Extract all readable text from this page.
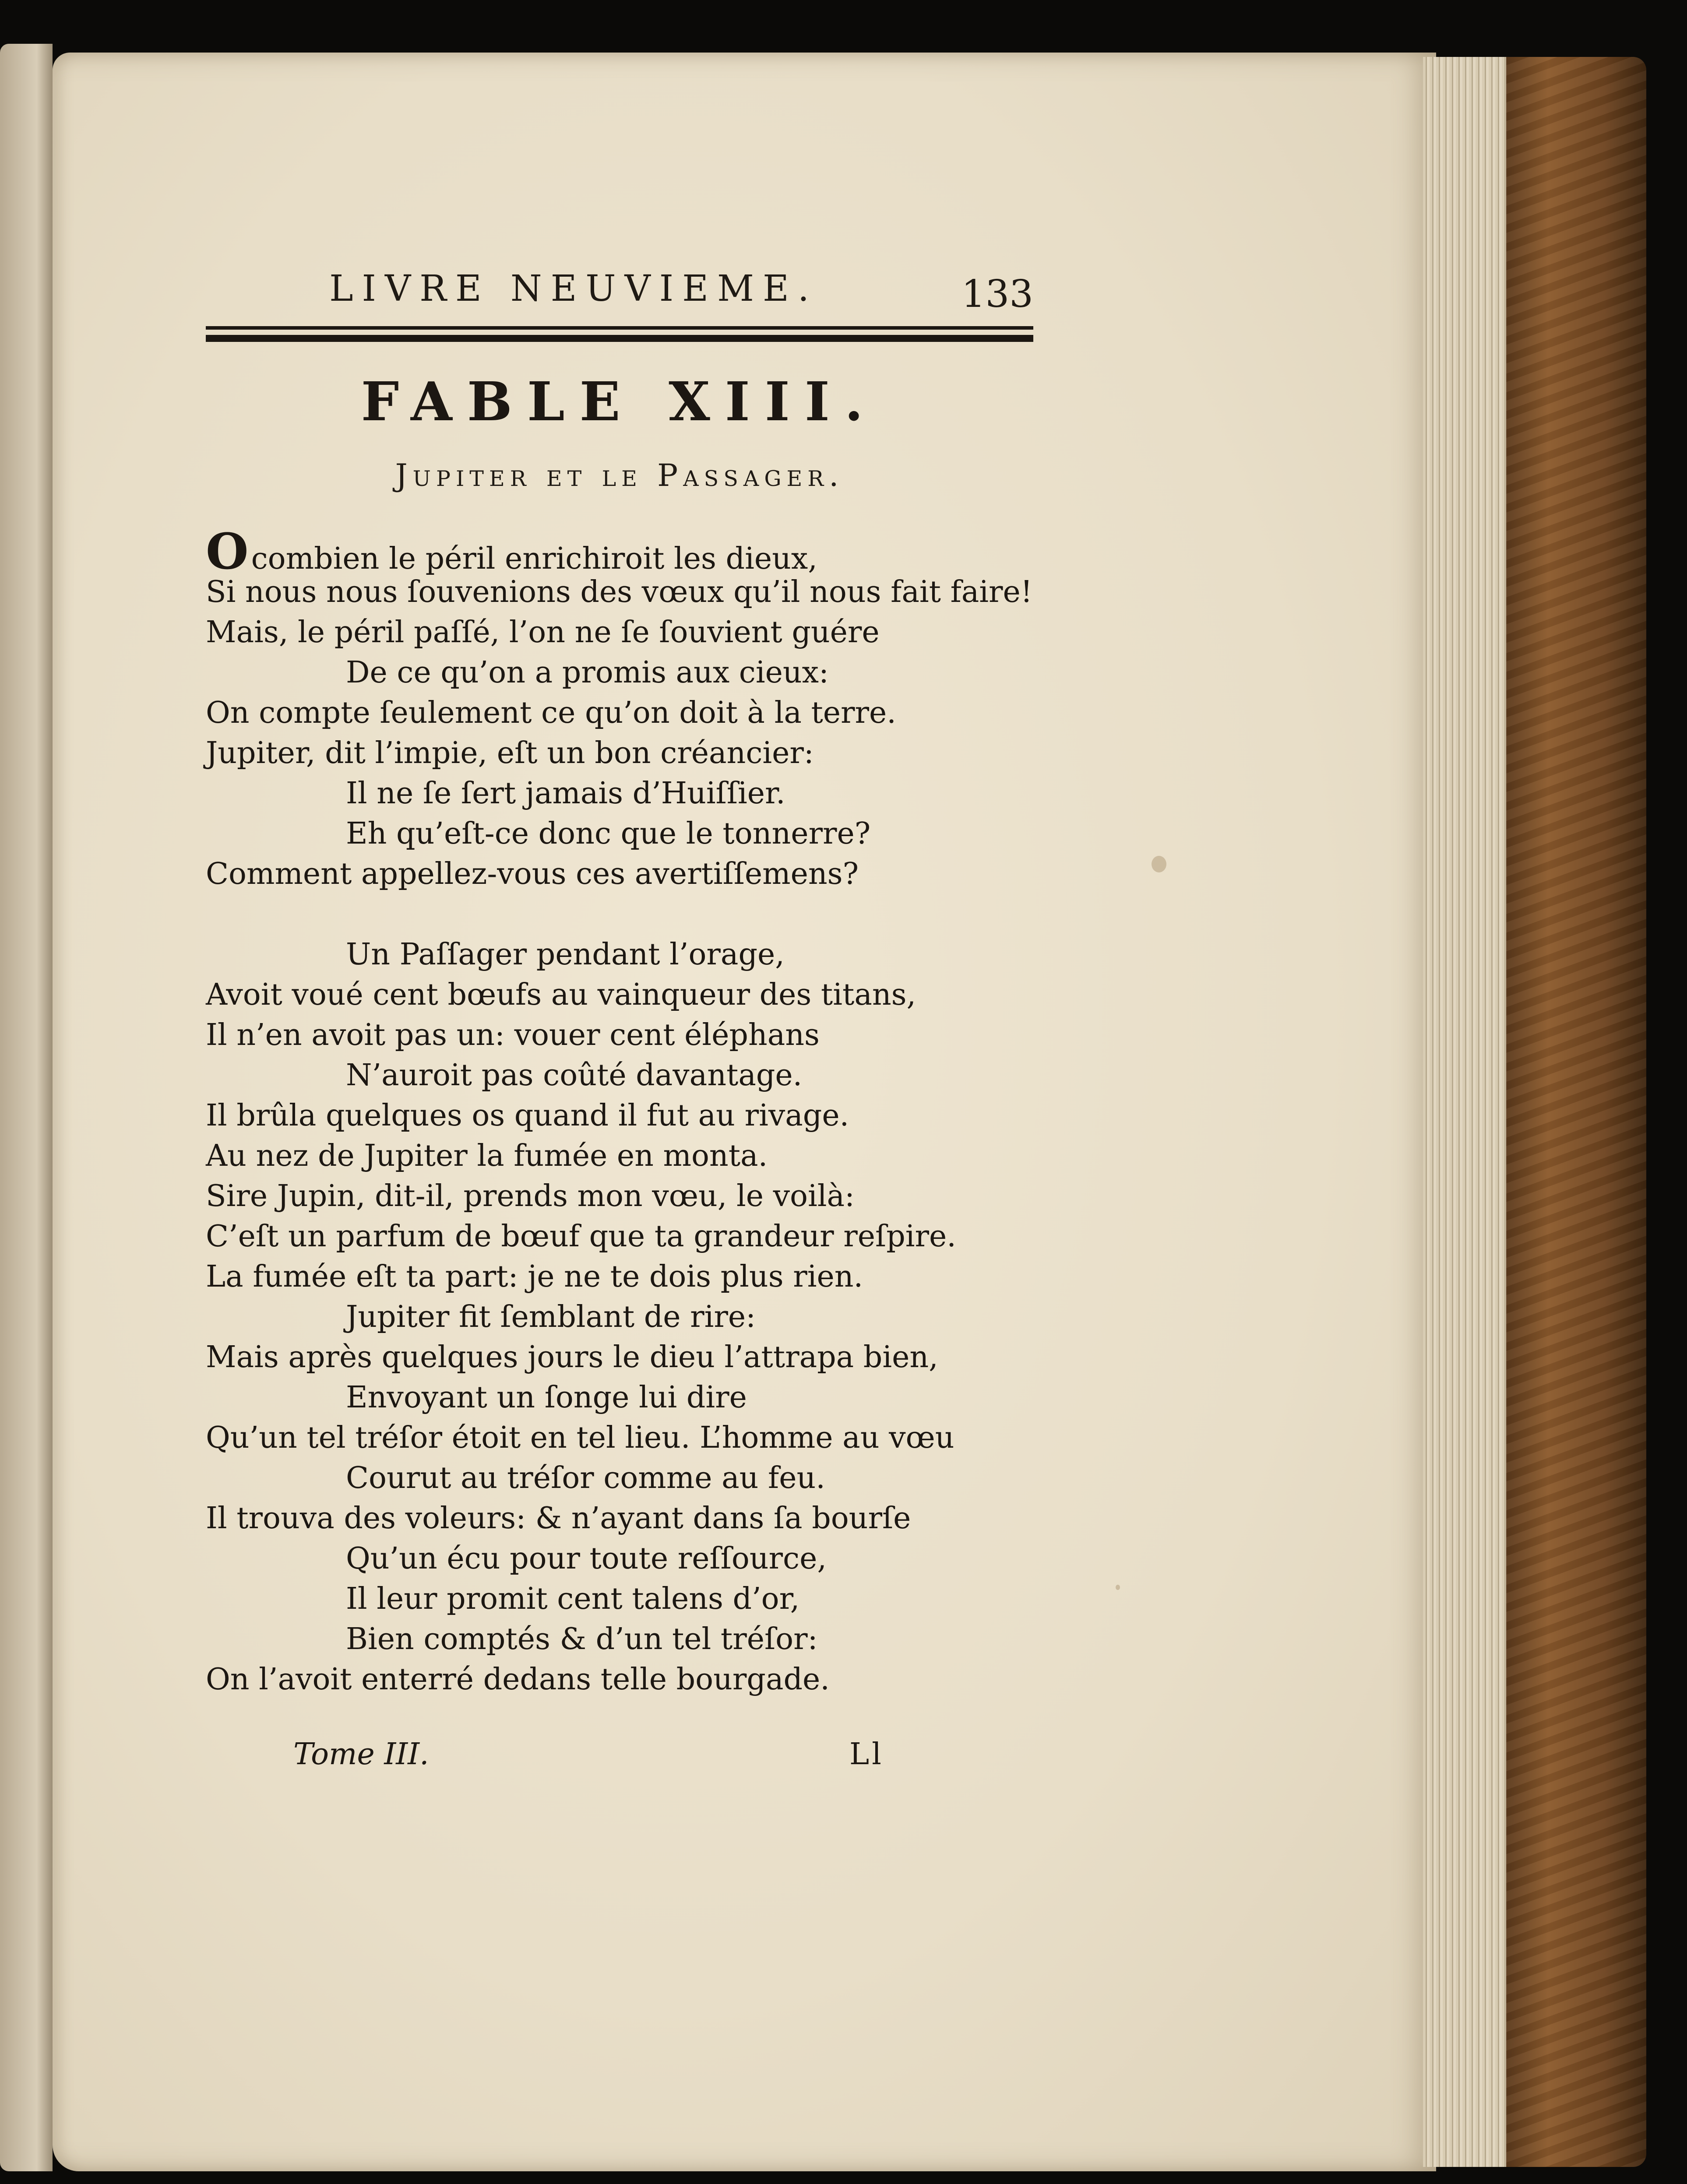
LIVRE NEUVIEME.	133
FABLE XIII.
Jupiter et le Passager.
Ocombien le péril enrichiroit les dieux,
Si nous nous ſouvenions des vœux qu’il nous fait faire!
Mais, le péril paſſé, l’on ne ſe ſouvient guére
De ce qu’on a promis aux cieux:
On compte ſeulement ce qu’on doit à la terre.
Jupiter, dit l’impie, eſt un bon créancier:
Il ne ſe ſert jamais d’Huiſſier.
Eh qu’eſt-ce donc que le tonnerre?
Comment appellez-vous ces avertiſſemens?
Un Paſſager pendant l’orage,
Avoit voué cent bœufs au vainqueur des titans,
Il n’en avoit pas un: vouer cent éléphans
N’auroit pas coûté davantage.
Il brûla quelques os quand il fut au rivage.
Au nez de Jupiter la fumée en monta.
Sire Jupin, dit-il, prends mon vœu, le voilà:
C’eſt un parfum de bœuf que ta grandeur reſpire.
La fumée eſt ta part: je ne te dois plus rien.
Jupiter fit ſemblant de rire:
Mais après quelques jours le dieu l’attrapa bien,
Envoyant un ſonge lui dire
Qu’un tel tréſor étoit en tel lieu. L’homme au vœu
Courut au tréſor comme au feu.
Il trouva des voleurs: & n’ayant dans ſa bourſe
Qu’un écu pour toute reſſource,
Il leur promit cent talens d’or,
Bien comptés & d’un tel tréſor:
On l’avoit enterré dedans telle bourgade.
Tome III.	Ll
